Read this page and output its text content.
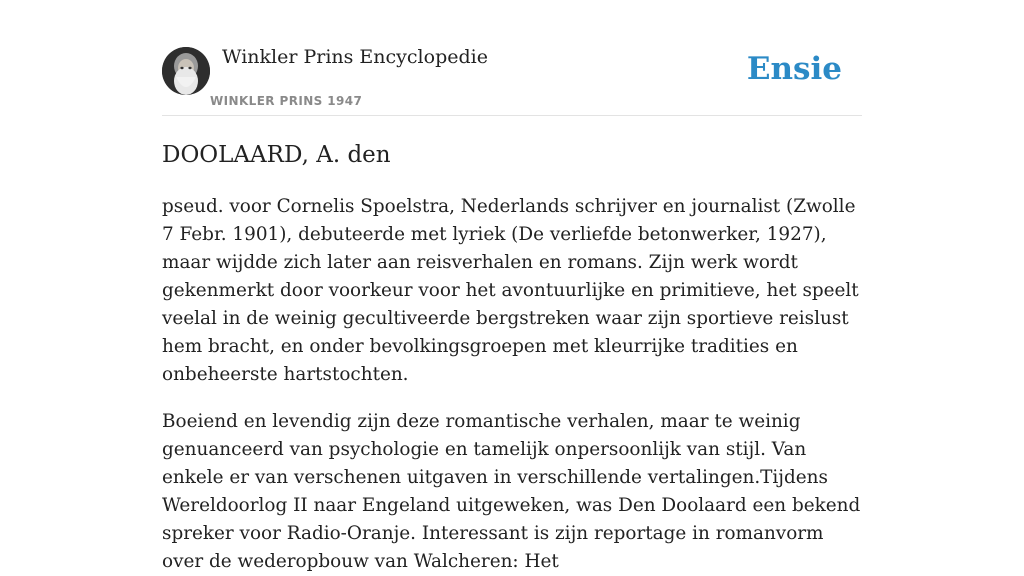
Winkler Prins Encyclopedie
WINKLER PRINS 1947
Ensie
DOOLAARD, A. den

pseud. voor Cornelis Spoelstra, Nederlands schrijver en journalist (Zwolle 7 Febr. 1901), debuteerde met lyriek (De verliefde betonwerker, 1927), maar wijdde zich later aan reisverhalen en romans. Zijn werk wordt gekenmerkt door voorkeur voor het avontuurlijke en primitieve, het speelt veelal in de weinig gecultiveerde bergstreken waar zijn sportieve reislust hem bracht, en onder bevolkingsgroepen met kleurrijke tradities en onbeheerste hartstochten.

Boeiend en levendig zijn deze romantische verhalen, maar te weinig genuanceerd van psychologie en tamelijk onpersoonlijk van stijl. Van enkele er van verschenen uitgaven in verschillende vertalingen.Tijdens Wereldoorlog II naar Engeland uitgeweken, was Den Doolaard een bekend spreker voor Radio-Oranje. Interessant is zijn reportage in romanvorm over de wederopbouw van Walcheren: Het
